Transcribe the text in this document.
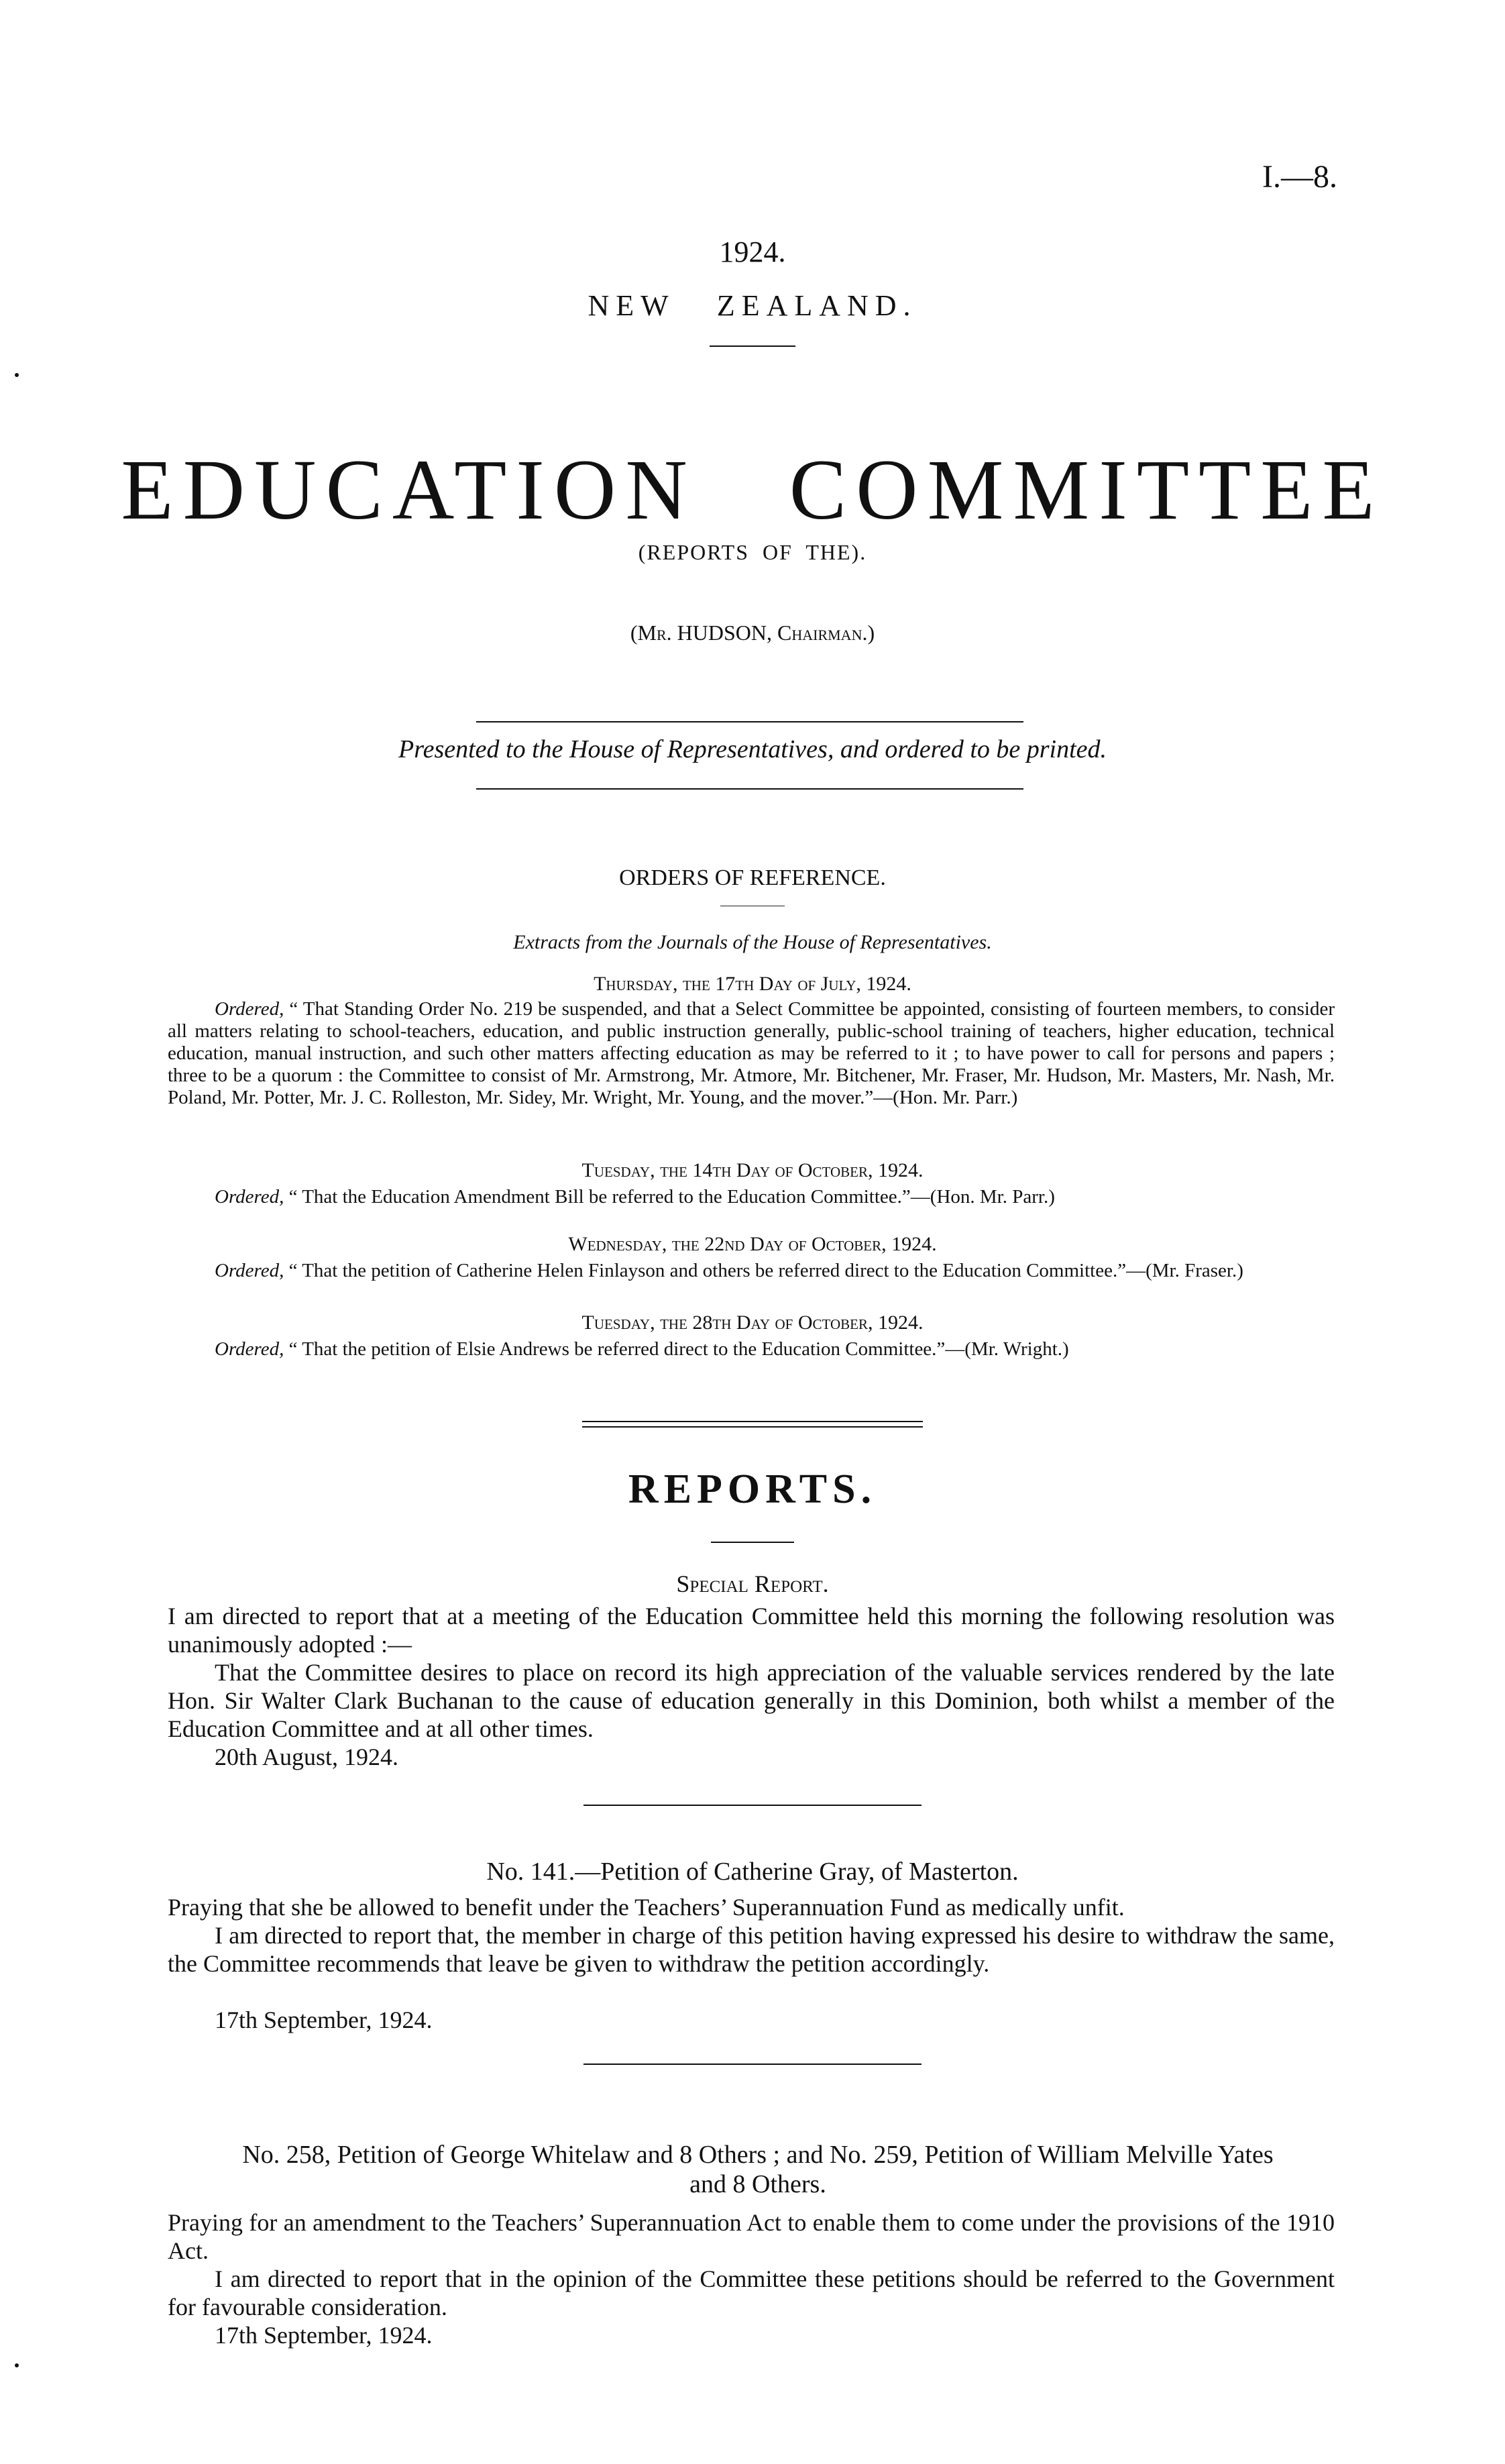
I.—8.
1924.
NEW   ZEALAND.
EDUCATION   COMMITTEE
(REPORTS  OF  THE).
(Mr. HUDSON, Chairman.)
Presented to the House of Representatives, and ordered to be printed.
ORDERS OF REFERENCE.
Extracts from the Journals of the House of Representatives.
Thursday, the 17th Day of July, 1924.
Ordered, “ That Standing Order No. 219 be suspended, and that a Select Committee be appointed, consisting of fourteen members, to consider all matters relating to school-teachers, education, and public instruction generally, public-school training of teachers, higher education, technical education, manual instruction, and such other matters affecting education as may be referred to it ; to have power to call for persons and papers ; three to be a quorum : the Committee to consist of Mr. Armstrong, Mr. Atmore, Mr. Bitchener, Mr. Fraser, Mr. Hudson, Mr. Masters, Mr. Nash, Mr. Poland, Mr. Potter, Mr. J. C. Rolleston, Mr. Sidey, Mr. Wright, Mr. Young, and the mover.”—(Hon. Mr. Parr.)
Tuesday, the 14th Day of October, 1924.
Ordered, “ That the Education Amendment Bill be referred to the Education Committee.”—(Hon. Mr. Parr.)
Wednesday, the 22nd Day of October, 1924.
Ordered, “ That the petition of Catherine Helen Finlayson and others be referred direct to the Education Committee.”—(Mr. Fraser.)
Tuesday, the 28th Day of October, 1924.
Ordered, “ That the petition of Elsie Andrews be referred direct to the Education Committee.”—(Mr. Wright.)
REPORTS.
Special Report.
I am directed to report that at a meeting of the Education Committee held this morning the following resolution was unanimously adopted :—
That the Committee desires to place on record its high appreciation of the valuable services rendered by the late Hon. Sir Walter Clark Buchanan to the cause of education generally in this Dominion, both whilst a member of the Education Committee and at all other times.
20th August, 1924.
No. 141.—Petition of Catherine Gray, of Masterton.
Praying that she be allowed to benefit under the Teachers’ Superannuation Fund as medically unfit.
I am directed to report that, the member in charge of this petition having expressed his desire to withdraw the same, the Committee recommends that leave be given to withdraw the petition accordingly.
17th September, 1924.
No. 258, Petition of George Whitelaw and 8 Others ; and No. 259, Petition of William Melville Yates and 8 Others.
Praying for an amendment to the Teachers’ Superannuation Act to enable them to come under the provisions of the 1910 Act.
I am directed to report that in the opinion of the Committee these petitions should be referred to the Government for favourable consideration.
17th September, 1924.
